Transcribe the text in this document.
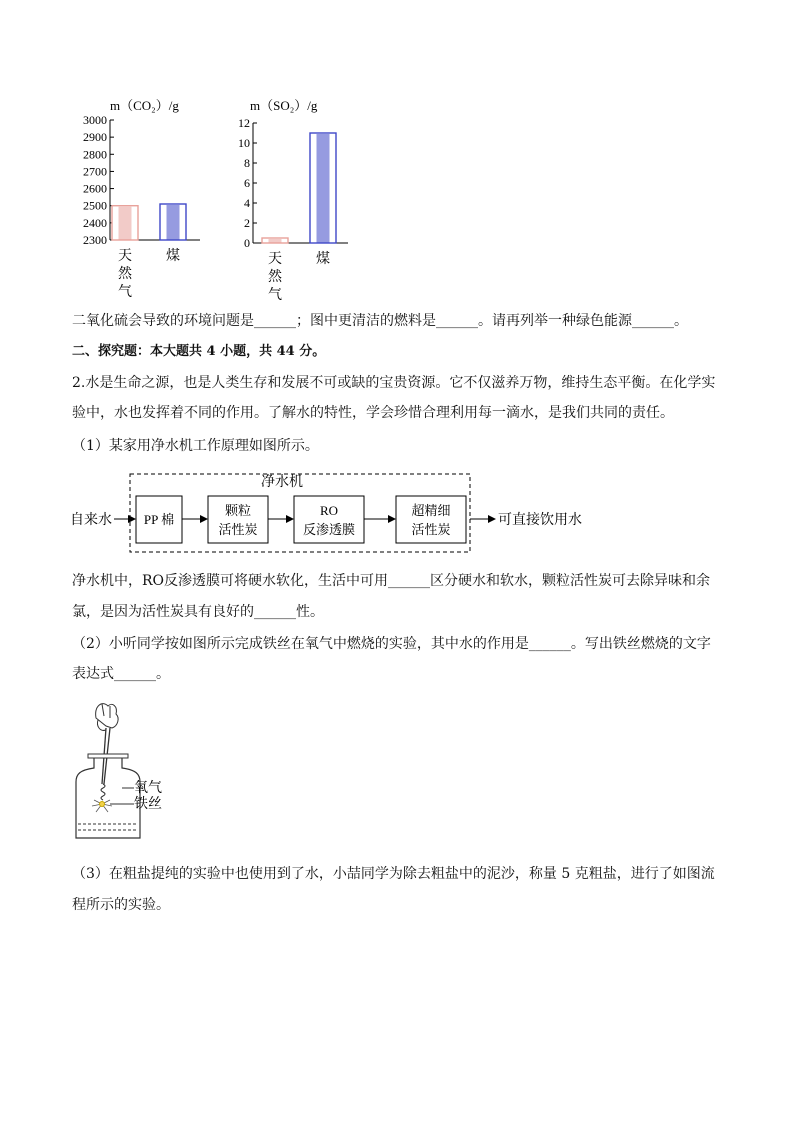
m（CO₂）/g
2300
2400
2500
2600
2700
2800
2900
3000
天
然
气
煤
m（SO₂）/g
0
2
4
6
8
10
12
天
然
气
煤
二氧化硫会导致的环境问题是______；图中更清洁的燃料是______。请再列举一种绿色能源______。
二、探究题：本大题共 4 小题，共 44 分。
2.水是生命之源，也是人类生存和发展不可或缺的宝贵资源。它不仅滋养万物，维持生态平衡。在化学实
验中，水也发挥着不同的作用。了解水的特性，学会珍惜合理利用每一滴水，是我们共同的责任。
（1）某家用净水机工作原理如图所示。
净水机
自来水 PP 棉
颗粒
活性炭
RO
反渗透膜
超精细
活性炭
可直接饮用水
净水机中，RO反渗透膜可将硬水软化，生活中可用______区分硬水和软水，颗粒活性炭可去除异味和余
氯，是因为活性炭具有良好的______性。
（2）小听同学按如图所示完成铁丝在氧气中燃烧的实验，其中水的作用是______。写出铁丝燃烧的文字
表达式______。
氧气
铁丝
（3）在粗盐提纯的实验中也使用到了水，小喆同学为除去粗盐中的泥沙，称量 5 克粗盐，进行了如图流
程所示的实验。
